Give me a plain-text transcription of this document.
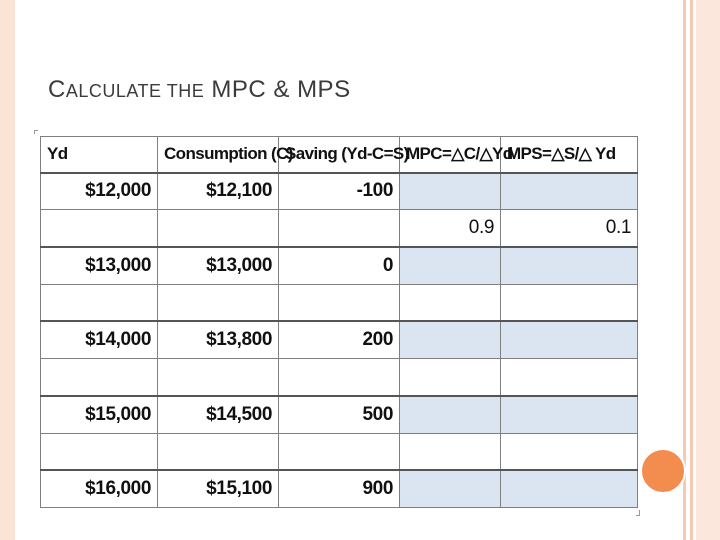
CALCULATE THE MPC & MPS
Yd	Consumption (C)	Saving (Yd-C=S)	MPC=△C/△Yd	MPS=△S/△ Yd
$12,000	$12,100	-100		
			0.9	0.1
$13,000	$13,000	0		

$14,000	$13,800	200		

$15,000	$14,500	500		

$16,000	$15,100	900		
